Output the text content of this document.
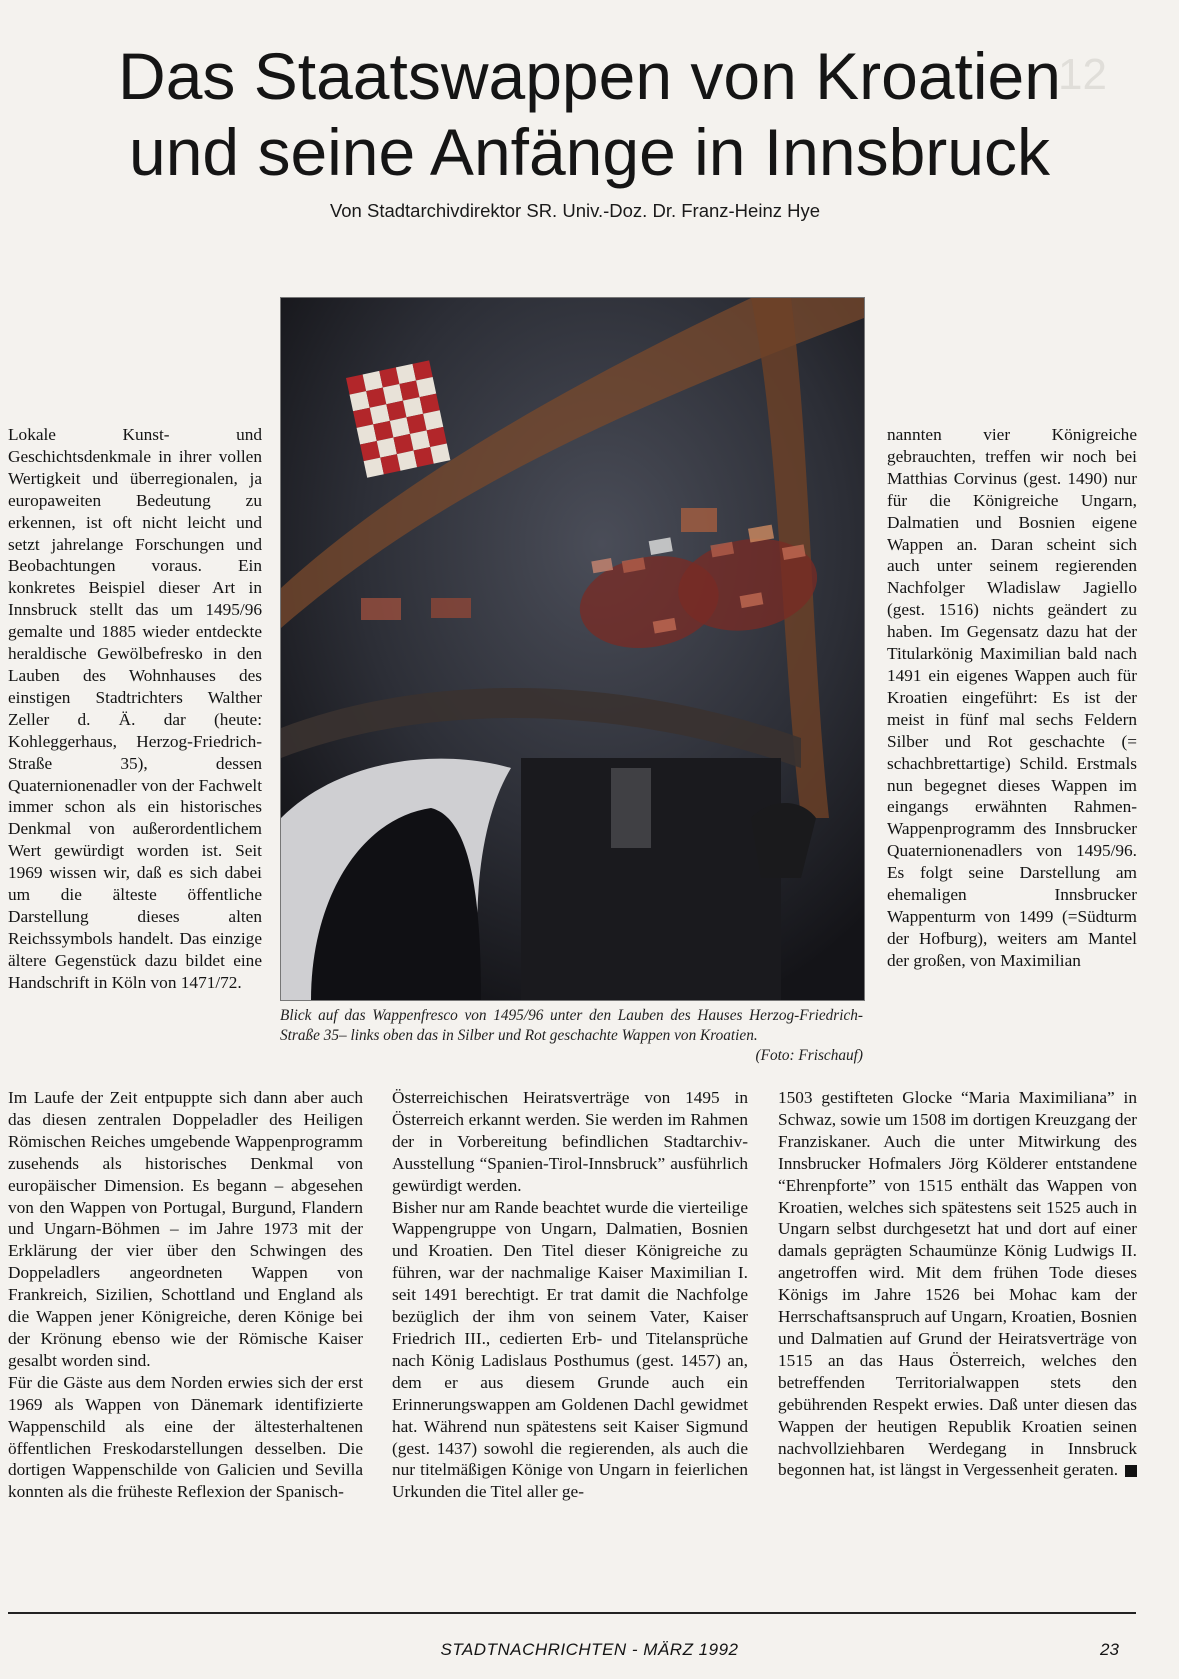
12
Das Staatswappen von Kroatien
und seine Anfänge in Innsbruck
Von Stadtarchivdirektor SR. Univ.-Doz. Dr. Franz-Heinz Hye
Blick auf das Wappenfresco von 1495/96 unter den Lauben des Hauses Herzog-Friedrich-Straße 35– links oben das in Silber und Rot geschachte Wappen von Kroatien.
(Foto: Frischauf)

Lokale Kunst- und Geschichtsdenkmale in ihrer vollen Wertigkeit und überregionalen, ja europaweiten Bedeutung zu erkennen, ist oft nicht leicht und setzt jahrelange Forschungen und Beobachtungen voraus. Ein konkretes Beispiel dieser Art in Innsbruck stellt das um 1495/96 gemalte und 1885 wieder entdeckte heraldische Gewölbefresko in den Lauben des Wohnhauses des einstigen Stadtrichters Walther Zeller d. Ä. dar (heute: Kohleggerhaus, Herzog-Friedrich-Straße 35), dessen Quaternionenadler von der Fachwelt immer schon als ein historisches Denkmal von außerordentlichem Wert gewürdigt worden ist. Seit 1969 wissen wir, daß es sich dabei um die älteste öffentliche Darstellung dieses alten Reichssymbols handelt. Das einzige ältere Gegenstück dazu bildet eine Handschrift in Köln von 1471/72.

Im Laufe der Zeit entpuppte sich dann aber auch das diesen zentralen Doppeladler des Heiligen Römischen Reiches umgebende Wappenprogramm zusehends als historisches Denkmal von europäischer Dimension. Es begann – abgesehen von den Wappen von Portugal, Burgund, Flandern und Ungarn-Böhmen – im Jahre 1973 mit der Erklärung der vier über den Schwingen des Doppeladlers angeordneten Wappen von Frankreich, Sizilien, Schottland und England als die Wappen jener Königreiche, deren Könige bei der Krönung ebenso wie der Römische Kaiser gesalbt worden sind.

Für die Gäste aus dem Norden erwies sich der erst 1969 als Wappen von Dänemark identifizierte Wappenschild als eine der ältesterhaltenen öffentlichen Freskodarstellungen desselben. Die dortigen Wappenschilde von Galicien und Sevilla konnten als die früheste Reflexion der Spanisch-

Österreichischen Heiratsverträge von 1495 in Österreich erkannt werden. Sie werden im Rahmen der in Vorbereitung befindlichen Stadtarchiv-Ausstellung “Spanien-Tirol-Innsbruck” ausführlich gewürdigt werden.

Bisher nur am Rande beachtet wurde die vierteilige Wappengruppe von Ungarn, Dalmatien, Bosnien und Kroatien. Den Titel dieser Königreiche zu führen, war der nachmalige Kaiser Maximilian I. seit 1491 berechtigt. Er trat damit die Nachfolge bezüglich der ihm von seinem Vater, Kaiser Friedrich III., cedierten Erb- und Titelansprüche nach König Ladislaus Posthumus (gest. 1457) an, dem er aus diesem Grunde auch ein Erinnerungswappen am Goldenen Dachl gewidmet hat. Während nun spätestens seit Kaiser Sigmund (gest. 1437) sowohl die regierenden, als auch die nur titelmäßigen Könige von Ungarn in feierlichen Urkunden die Titel aller ge-

nannten vier Königreiche gebrauchten, treffen wir noch bei Matthias Corvinus (gest. 1490) nur für die Königreiche Ungarn, Dalmatien und Bosnien eigene Wappen an. Daran scheint sich auch unter seinem regierenden Nachfolger Wladislaw Jagiello (gest. 1516) nichts geändert zu haben. Im Gegensatz dazu hat der Titularkönig Maximilian bald nach 1491 ein eigenes Wappen auch für Kroatien eingeführt: Es ist der meist in fünf mal sechs Feldern Silber und Rot geschachte (= schachbrettartige) Schild. Erstmals nun begegnet dieses Wappen im eingangs erwähnten Rahmen-Wappenprogramm des Innsbrucker Quaternionenadlers von 1495/96. Es folgt seine Darstellung am ehemaligen Innsbrucker Wappenturm von 1499 (=Südturm der Hofburg), weiters am Mantel der großen, von Maximilian

1503 gestifteten Glocke “Maria Maximiliana” in Schwaz, sowie um 1508 im dortigen Kreuzgang der Franziskaner. Auch die unter Mitwirkung des Innsbrucker Hofmalers Jörg Kölderer entstandene “Ehrenpforte” von 1515 enthält das Wappen von Kroatien, welches sich spätestens seit 1525 auch in Ungarn selbst durchgesetzt hat und dort auf einer damals geprägten Schaumünze König Ludwigs II. angetroffen wird. Mit dem frühen Tode dieses Königs im Jahre 1526 bei Mohac kam der Herrschaftsanspruch auf Ungarn, Kroatien, Bosnien und Dalmatien auf Grund der Heiratsverträge von 1515 an das Haus Österreich, welches den betreffenden Territorialwappen stets den gebührenden Respekt erwies. Daß unter diesen das Wappen der heutigen Republik Kroatien seinen nachvollziehbaren Werdegang in Innsbruck begonnen hat, ist längst in Vergessenheit geraten.

STADTNACHRICHTEN - MÄRZ 1992	23
